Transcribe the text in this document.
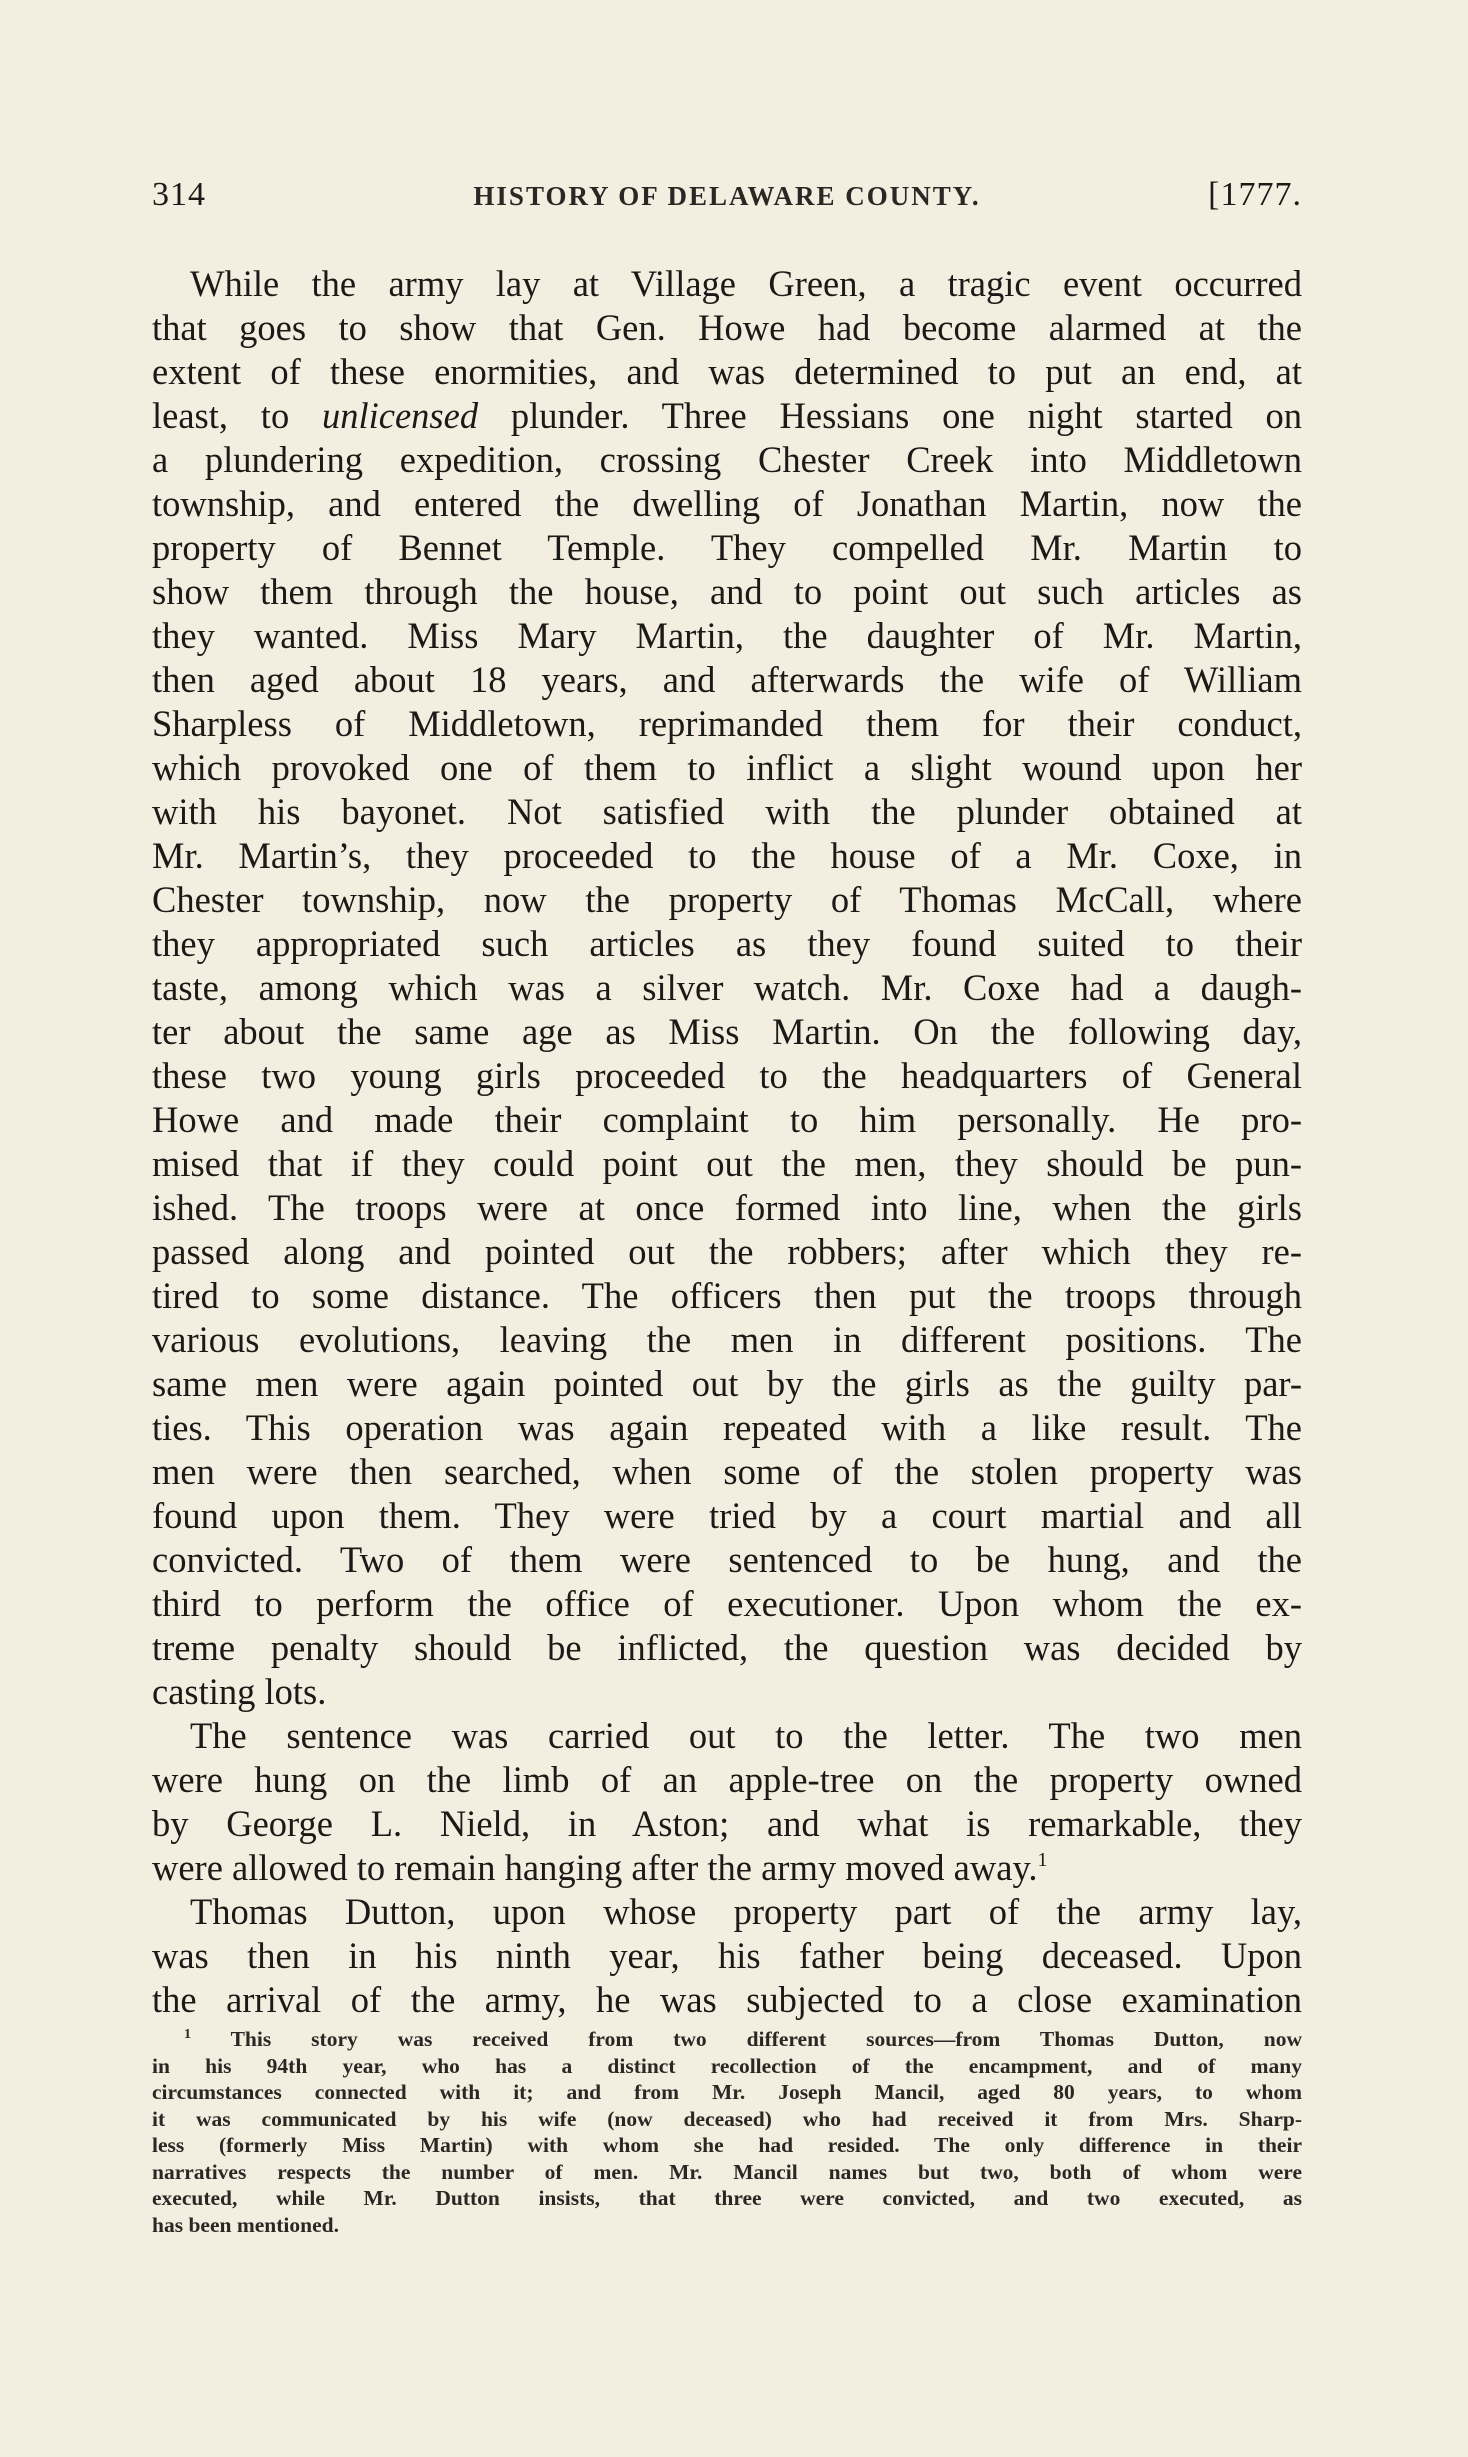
314	HISTORY OF DELAWARE COUNTY.	[1777.
While the army lay at Village Green, a tragic event occurred
that goes to show that Gen. Howe had become alarmed at the
extent of these enormities, and was determined to put an end, at
least, to unlicensed plunder. Three Hessians one night started on
a plundering expedition, crossing Chester Creek into Middletown
township, and entered the dwelling of Jonathan Martin, now the
property of Bennet Temple. They compelled Mr. Martin to
show them through the house, and to point out such articles as
they wanted. Miss Mary Martin, the daughter of Mr. Martin,
then aged about 18 years, and afterwards the wife of William
Sharpless of Middletown, reprimanded them for their conduct,
which provoked one of them to inflict a slight wound upon her
with his bayonet. Not satisfied with the plunder obtained at
Mr. Martin’s, they proceeded to the house of a Mr. Coxe, in
Chester township, now the property of Thomas McCall, where
they appropriated such articles as they found suited to their
taste, among which was a silver watch. Mr. Coxe had a daugh-
ter about the same age as Miss Martin. On the following day,
these two young girls proceeded to the headquarters of General
Howe and made their complaint to him personally. He pro-
mised that if they could point out the men, they should be pun-
ished. The troops were at once formed into line, when the girls
passed along and pointed out the robbers; after which they re-
tired to some distance. The officers then put the troops through
various evolutions, leaving the men in different positions. The
same men were again pointed out by the girls as the guilty par-
ties. This operation was again repeated with a like result. The
men were then searched, when some of the stolen property was
found upon them. They were tried by a court martial and all
convicted. Two of them were sentenced to be hung, and the
third to perform the office of executioner. Upon whom the ex-
treme penalty should be inflicted, the question was decided by
casting lots.
The sentence was carried out to the letter. The two men
were hung on the limb of an apple-tree on the property owned
by George L. Nield, in Aston; and what is remarkable, they
were allowed to remain hanging after the army moved away.$^1$
Thomas Dutton, upon whose property part of the army lay,
was then in his ninth year, his father being deceased. Upon
the arrival of the army, he was subjected to a close examination
$^1$ This story was received from two different sources—from Thomas Dutton, now
in his 94th year, who has a distinct recollection of the encampment, and of many
circumstances connected with it; and from Mr. Joseph Mancil, aged 80 years, to whom
it was communicated by his wife (now deceased) who had received it from Mrs. Sharp-
less (formerly Miss Martin) with whom she had resided. The only difference in their
narratives respects the number of men. Mr. Mancil names but two, both of whom were
executed, while Mr. Dutton insists, that three were convicted, and two executed, as
has been mentioned.
